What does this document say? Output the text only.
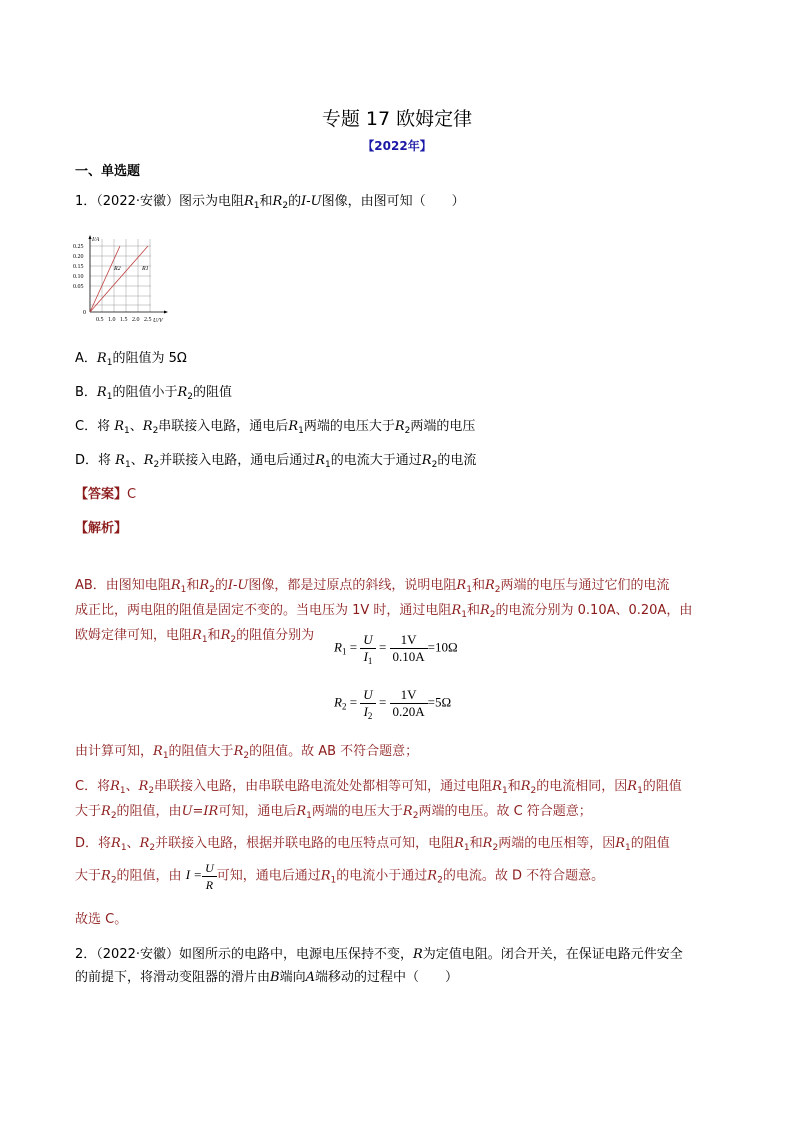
专题 17 欧姆定律
【2022年】
一、单选题
1．（2022·安徽）图示为电阻$R_1$和$R_2$的I-U图像，由图可知（　　）
I/A
U/V
0.25
0.20
0.15
0.10
0.05
0
0.5 1.0 1.5 2.0 2.5
R2	R1
A．$R_1$的阻值为 5Ω
B．$R_1$的阻值小于$R_2$的阻值
C．将 $R_1$、$R_2$串联接入电路，通电后$R_1$两端的电压大于$R_2$两端的电压
D．将 $R_1$、$R_2$并联接入电路，通电后通过$R_1$的电流大于通过$R_2$的电流
【答案】C
【解析】
AB．由图知电阻$R_1$和$R_2$的I-U图像，都是过原点的斜线，说明电阻$R_1$和$R_2$两端的电压与通过它们的电流
成正比，两电阻的阻值是固定不变的。当电压为 1V 时，通过电阻$R_1$和$R_2$的电流分别为 0.10A、0.20A，由
欧姆定律可知，电阻$R_1$和$R_2$的阻值分别为
$R_1 = \frac{U}{I_1} = \frac{1V}{0.10A} =10\Omega$
$R_2 = \frac{U}{I_2} = \frac{1V}{0.20A} =5\Omega$
由计算可知，$R_1$的阻值大于$R_2$的阻值。故 AB 不符合题意；
C．将$R_1$、$R_2$串联接入电路，由串联电路电流处处都相等可知，通过电阻$R_1$和$R_2$的电流相同，因$R_1$的阻值
大于$R_2$的阻值，由U=IR可知，通电后$R_1$两端的电压大于$R_2$两端的电压。故 C 符合题意；
D．将$R_1$、$R_2$并联接入电路，根据并联电路的电压特点可知，电阻$R_1$和$R_2$两端的电压相等，因$R_1$的阻值
大于$R_2$的阻值，由 $I = \frac{U}{R}$ 可知，通电后通过$R_1$的电流小于通过$R_2$的电流。故 D 不符合题意。
故选 C。
2．（2022·安徽）如图所示的电路中，电源电压保持不变，R为定值电阻。闭合开关，在保证电路元件安全
的前提下，将滑动变阻器的滑片由B端向A端移动的过程中（　　）
